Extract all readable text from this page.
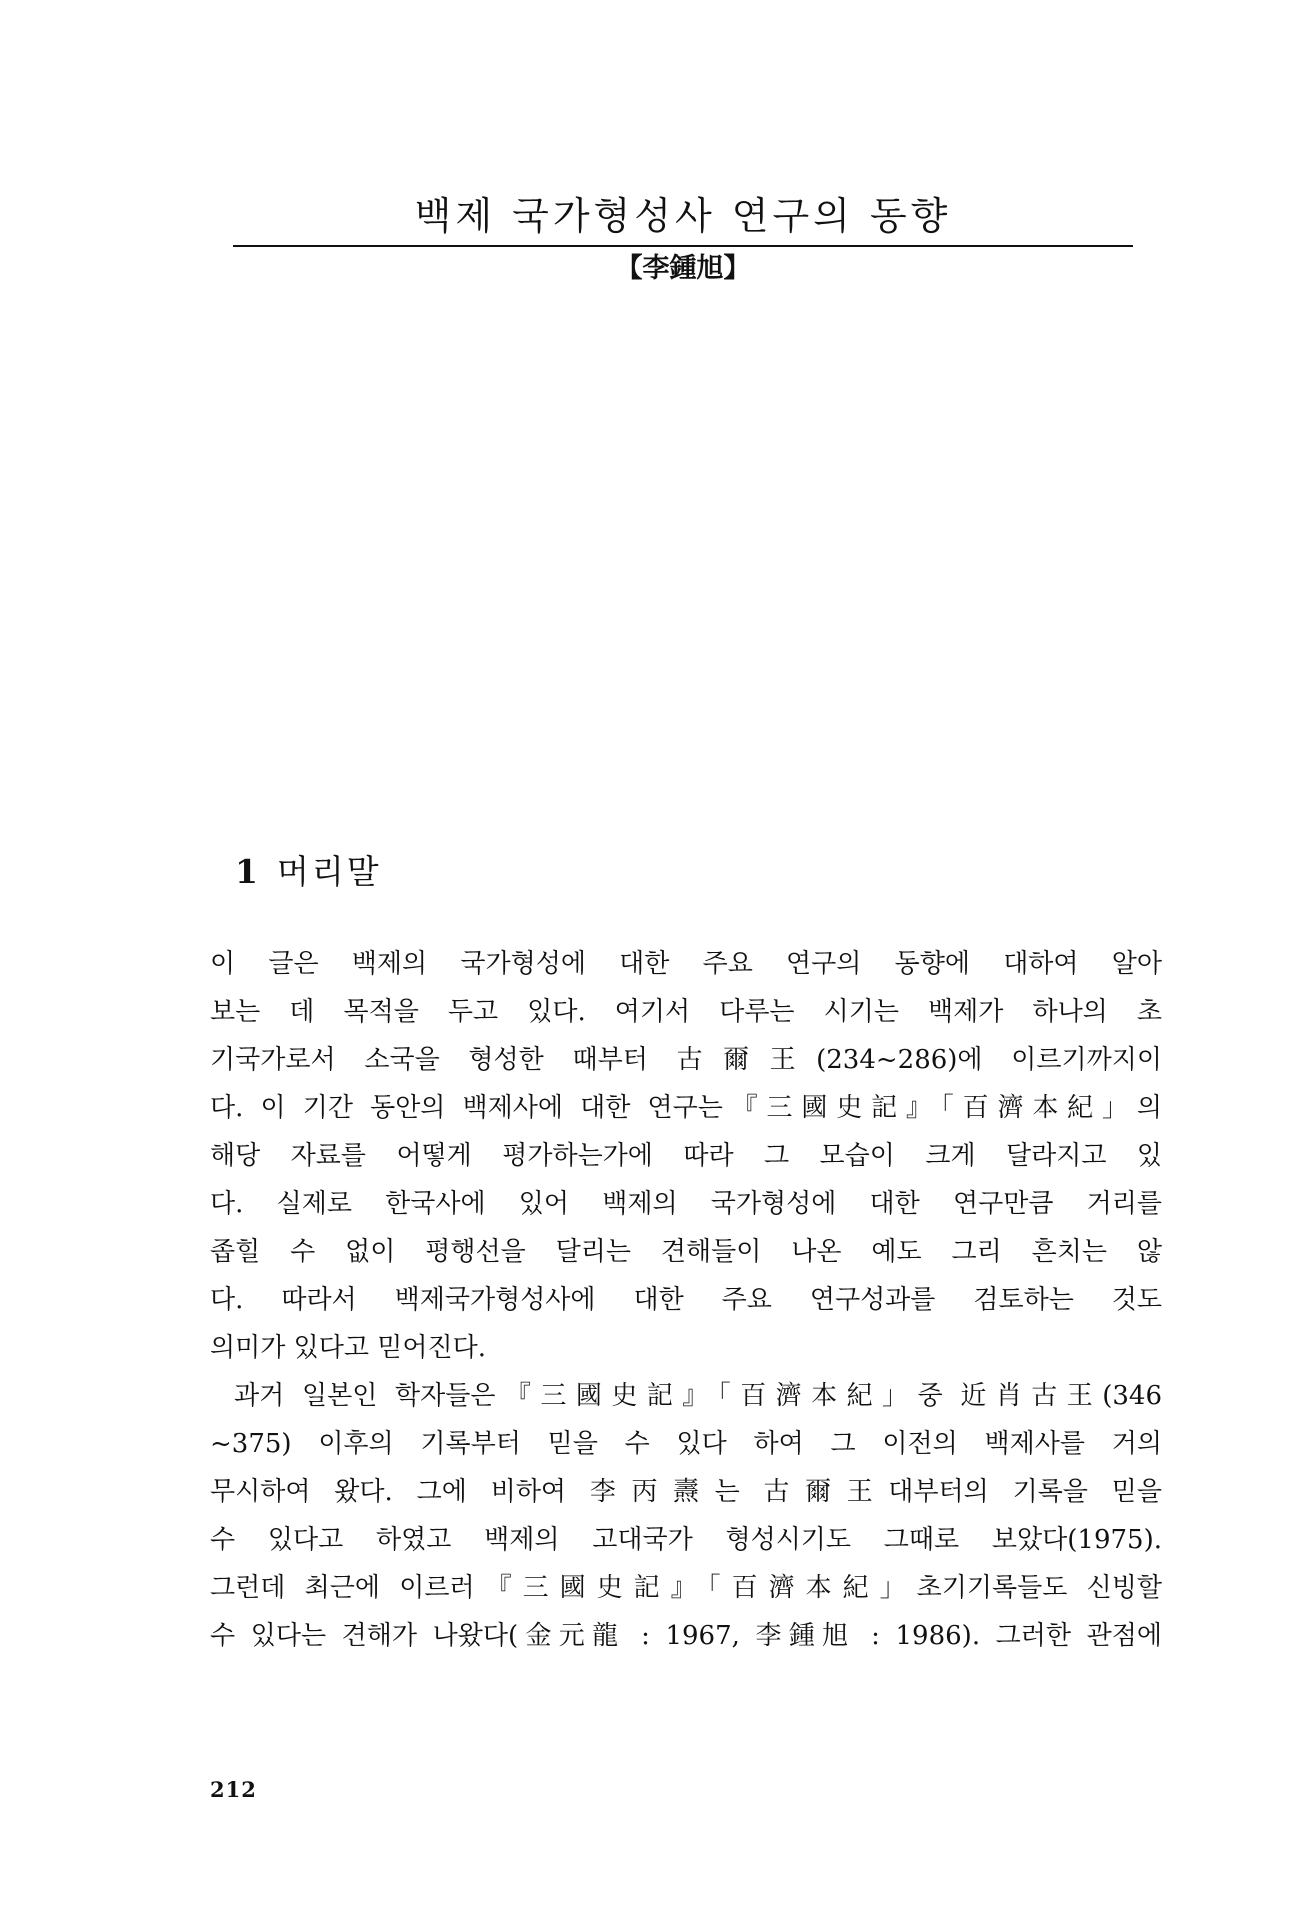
백제 국가형성사 연구의 동향
【李鍾旭】
1 머리말
이 글은 백제의 국가형성에 대한 주요 연구의 동향에 대하여 알아
보는 데 목적을 두고 있다. 여기서 다루는 시기는 백제가 하나의 초
기국가로서 소국을 형성한 때부터 古爾王(234~286)에 이르기까지이
다. 이 기간 동안의 백제사에 대한 연구는『三國史記』「百濟本紀」의
해당 자료를 어떻게 평가하는가에 따라 그 모습이 크게 달라지고 있
다. 실제로 한국사에 있어 백제의 국가형성에 대한 연구만큼 거리를
좁힐 수 없이 평행선을 달리는 견해들이 나온 예도 그리 흔치는 않
다. 따라서 백제국가형성사에 대한 주요 연구성과를 검토하는 것도
의미가 있다고 믿어진다.
과거 일본인 학자들은『三國史記』「百濟本紀」중 近肖古王(346
~375) 이후의 기록부터 믿을 수 있다 하여 그 이전의 백제사를 거의
무시하여 왔다. 그에 비하여 李丙燾는 古爾王대부터의 기록을 믿을
수 있다고 하였고 백제의 고대국가 형성시기도 그때로 보았다(1975).
그런데 최근에 이르러『三國史記』「百濟本紀」초기기록들도 신빙할
수 있다는 견해가 나왔다(金元龍 : 1967, 李鍾旭 : 1986). 그러한 관점에
212
